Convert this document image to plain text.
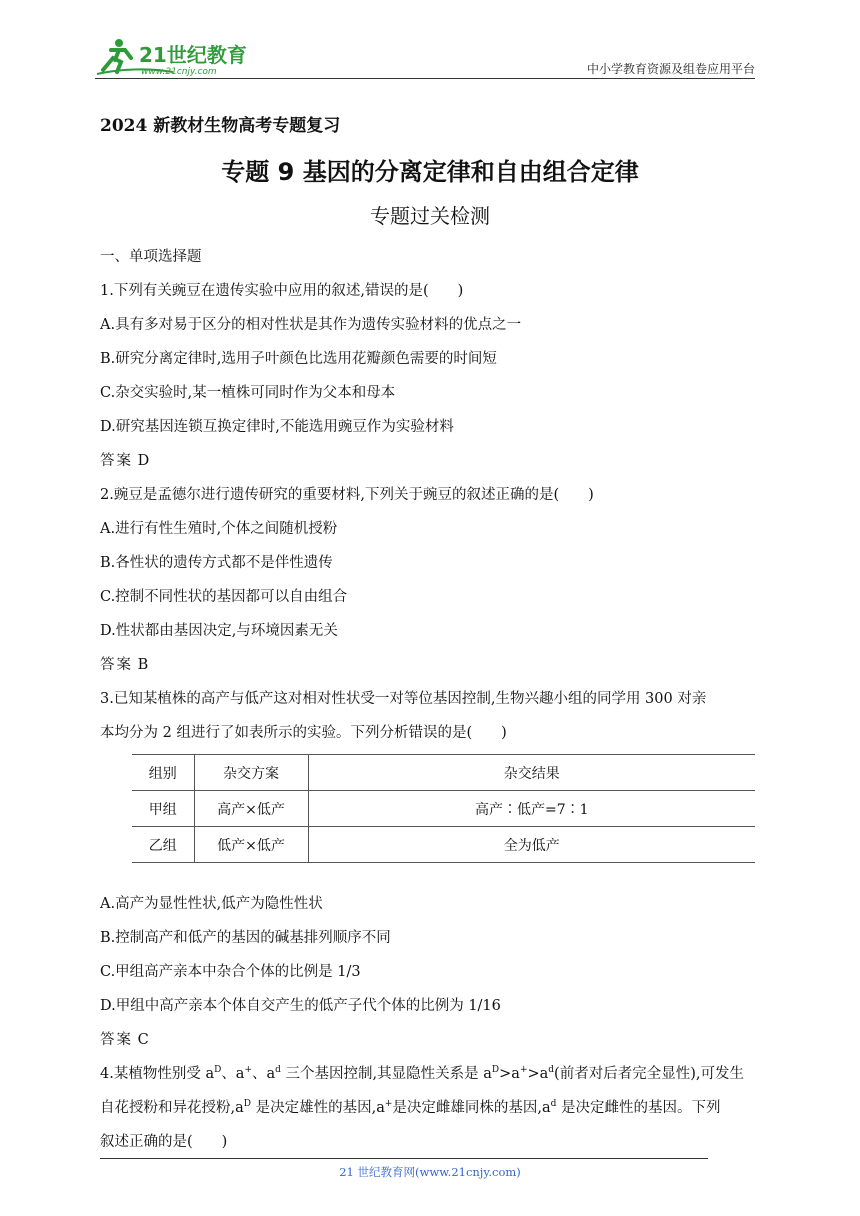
21世纪教育
www.21cnjy.com	中小学教育资源及组卷应用平台
2024 新教材生物高考专题复习
专题 9 基因的分离定律和自由组合定律
专题过关检测
一、单项选择题
1.下列有关豌豆在遗传实验中应用的叙述,错误的是(　　)
A.具有多对易于区分的相对性状是其作为遗传实验材料的优点之一
B.研究分离定律时,选用子叶颜色比选用花瓣颜色需要的时间短
C.杂交实验时,某一植株可同时作为父本和母本
D.研究基因连锁互换定律时,不能选用豌豆作为实验材料
答案 D
2.豌豆是孟德尔进行遗传研究的重要材料,下列关于豌豆的叙述正确的是(　　)
A.进行有性生殖时,个体之间随机授粉
B.各性状的遗传方式都不是伴性遗传
C.控制不同性状的基因都可以自由组合
D.性状都由基因决定,与环境因素无关
答案 B
3.已知某植株的高产与低产这对相对性状受一对等位基因控制,生物兴趣小组的同学用 300 对亲
本均分为 2 组进行了如表所示的实验。下列分析错误的是(　　)
组别	杂交方案	杂交结果
甲组	高产×低产	高产∶低产=7∶1
乙组	低产×低产	全为低产
A.高产为显性性状,低产为隐性性状
B.控制高产和低产的基因的碱基排列顺序不同
C.甲组高产亲本中杂合个体的比例是 1/3
D.甲组中高产亲本个体自交产生的低产子代个体的比例为 1/16
答案 C
4.某植物性别受 $a^D$、a+、$a^d$ 三个基因控制,其显隐性关系是 $a^D>a^+>a^d$(前者对后者完全显性),可发生
自花授粉和异花授粉$,a^D$ 是决定雄性的基因,a+是决定雌雄同株的基因$,a^d$ 是决定雌性的基因。下列
叙述正确的是(　　)
21 世纪教育网(www.21cnjy.com)
